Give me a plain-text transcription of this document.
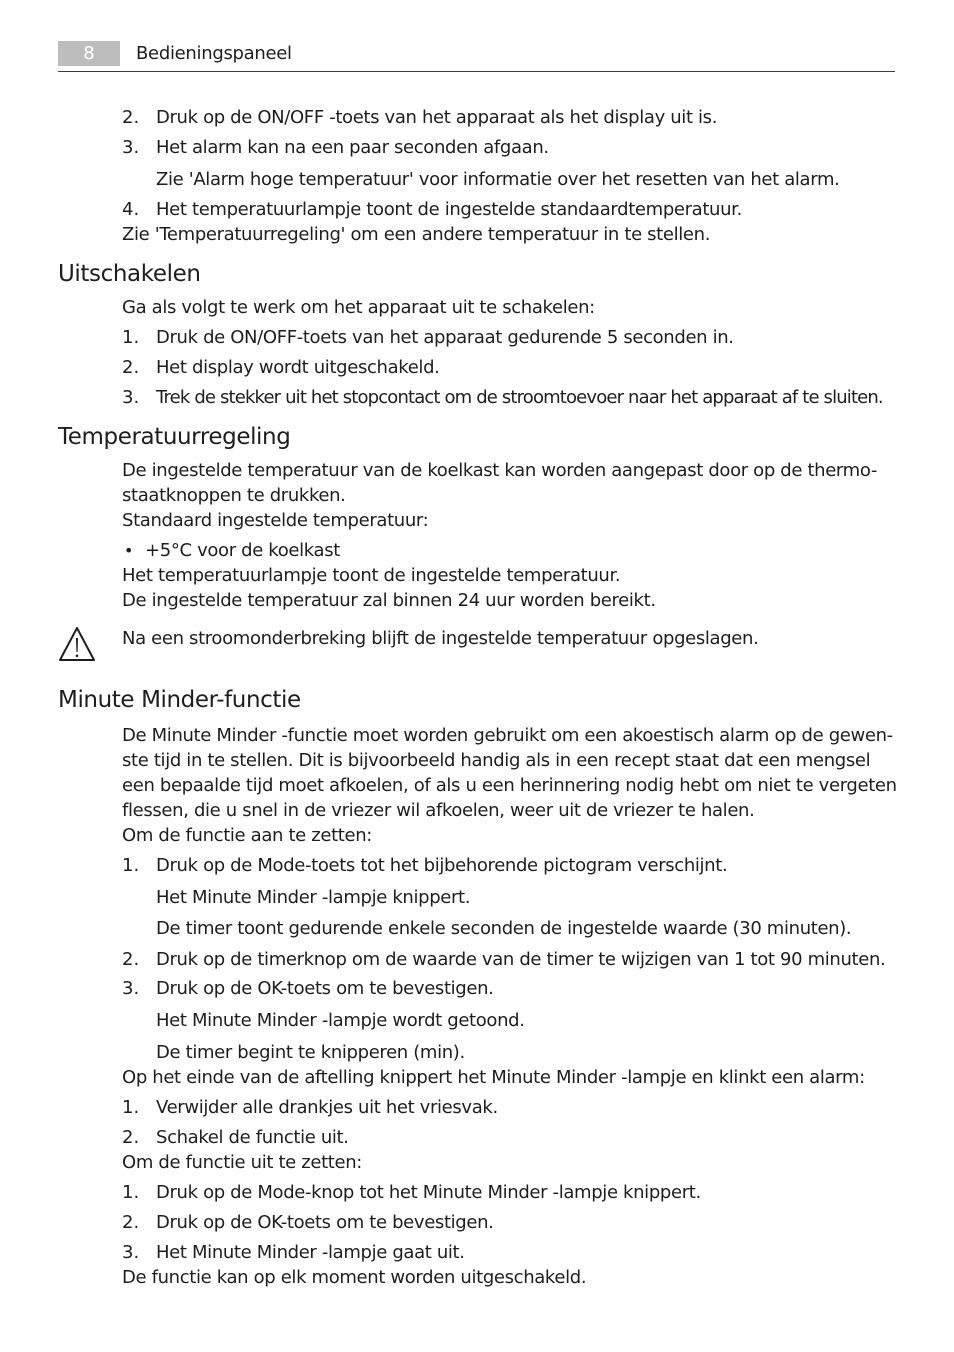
8	Bedieningspaneel
2. Druk op de ON/OFF -toets van het apparaat als het display uit is.
3. Het alarm kan na een paar seconden afgaan.
Zie 'Alarm hoge temperatuur' voor informatie over het resetten van het alarm.
4. Het temperatuurlampje toont de ingestelde standaardtemperatuur.
Zie 'Temperatuurregeling' om een andere temperatuur in te stellen.
Uitschakelen
Ga als volgt te werk om het apparaat uit te schakelen:
1. Druk de ON/OFF-toets van het apparaat gedurende 5 seconden in.
2. Het display wordt uitgeschakeld.
3. Trek de stekker uit het stopcontact om de stroomtoevoer naar het apparaat af te sluiten.
Temperatuurregeling
De ingestelde temperatuur van de koelkast kan worden aangepast door op de thermo-
staatknoppen te drukken.
Standaard ingestelde temperatuur:
• +5°C voor de koelkast
Het temperatuurlampje toont de ingestelde temperatuur.
De ingestelde temperatuur zal binnen 24 uur worden bereikt.
Na een stroomonderbreking blijft de ingestelde temperatuur opgeslagen.
Minute Minder-functie
De Minute Minder -functie moet worden gebruikt om een akoestisch alarm op de gewen-
ste tijd in te stellen. Dit is bijvoorbeeld handig als in een recept staat dat een mengsel
een bepaalde tijd moet afkoelen, of als u een herinnering nodig hebt om niet te vergeten
flessen, die u snel in de vriezer wil afkoelen, weer uit de vriezer te halen.
Om de functie aan te zetten:
1. Druk op de Mode-toets tot het bijbehorende pictogram verschijnt.
Het Minute Minder -lampje knippert.
De timer toont gedurende enkele seconden de ingestelde waarde (30 minuten).
2. Druk op de timerknop om de waarde van de timer te wijzigen van 1 tot 90 minuten.
3. Druk op de OK-toets om te bevestigen.
Het Minute Minder -lampje wordt getoond.
De timer begint te knipperen (min).
Op het einde van de aftelling knippert het Minute Minder -lampje en klinkt een alarm:
1. Verwijder alle drankjes uit het vriesvak.
2. Schakel de functie uit.
Om de functie uit te zetten:
1. Druk op de Mode-knop tot het Minute Minder -lampje knippert.
2. Druk op de OK-toets om te bevestigen.
3. Het Minute Minder -lampje gaat uit.
De functie kan op elk moment worden uitgeschakeld.
